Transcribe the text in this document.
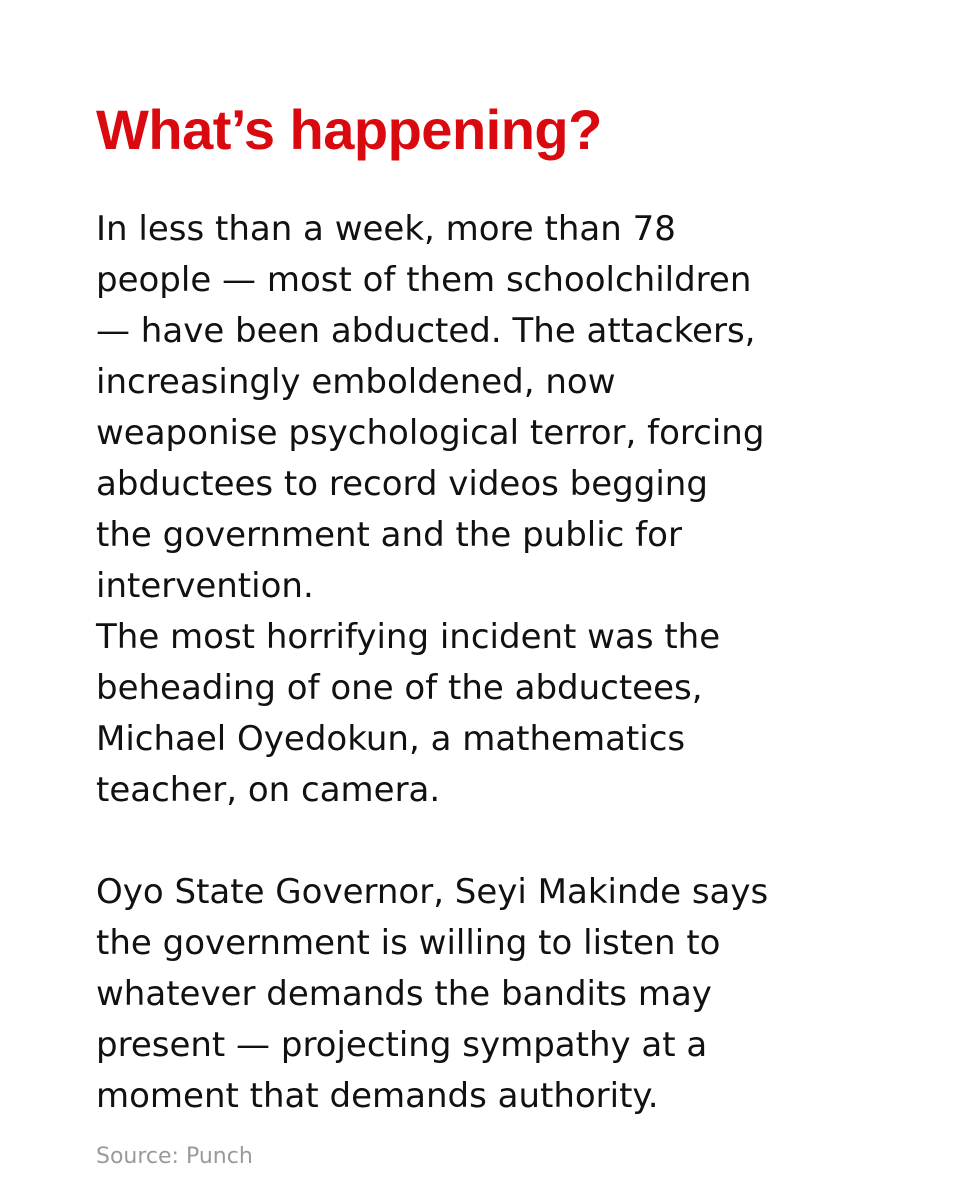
What’s happening?
In less than a week, more than 78
people — most of them schoolchildren
— have been abducted. The attackers,
increasingly emboldened, now
weaponise psychological terror, forcing
abductees to record videos begging
the government and the public for
intervention.
The most horrifying incident was the
beheading of one of the abductees,
Michael Oyedokun, a mathematics
teacher, on camera.
Oyo State Governor, Seyi Makinde says
the government is willing to listen to
whatever demands the bandits may
present — projecting sympathy at a
moment that demands authority.
Source: Punch
